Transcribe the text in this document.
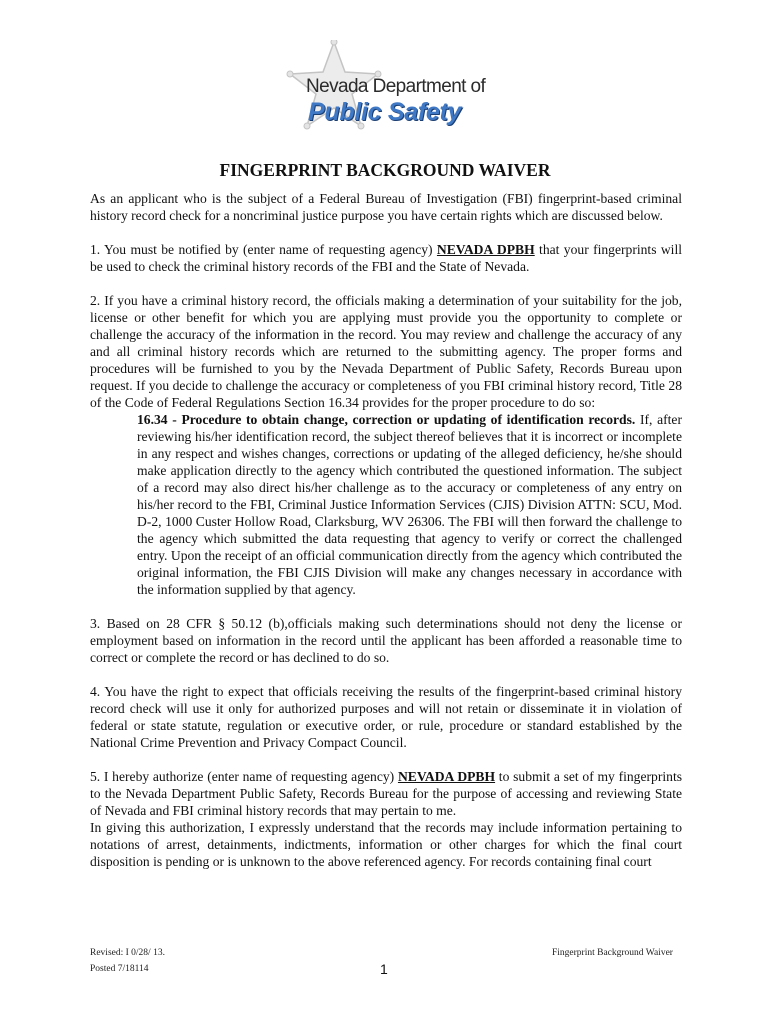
Nevada Department of
Public Safety
FINGERPRINT BACKGROUND WAIVER

As an applicant who is the subject of a Federal Bureau of Investigation (FBI) fingerprint-based criminal history record check for a noncriminal justice purpose you have certain rights which are discussed below.

1. You must be notified by (enter name of requesting agency) NEVADA DPBH that your fingerprints will be used to check the criminal history records of the FBI and the State of Nevada.

2. If you have a criminal history record, the officials making a determination of your suitability for the job, license or other benefit for which you are applying must provide you the opportunity to complete or challenge the accuracy of the information in the record. You may review and challenge the accuracy of any and all criminal history records which are returned to the submitting agency. The proper forms and procedures will be furnished to you by the Nevada Department of Public Safety, Records Bureau upon request. If you decide to challenge the accuracy or completeness of you FBI criminal history record, Title 28 of the Code of Federal Regulations Section 16.34 provides for the proper procedure to do so:

16.34 - Procedure to obtain change, correction or updating of identification records. If, after reviewing his/her identification record, the subject thereof believes that it is incorrect or incomplete in any respect and wishes changes, corrections or updating of the alleged deficiency, he/she should make application directly to the agency which contributed the questioned information. The subject of a record may also direct his/her challenge as to the accuracy or completeness of any entry on his/her record to the FBI, Criminal Justice Information Services (CJIS) Division ATTN: SCU, Mod. D-2, 1000 Custer Hollow Road, Clarksburg, WV 26306. The FBI will then forward the challenge to the agency which submitted the data requesting that agency to verify or correct the challenged entry. Upon the receipt of an official communication directly from the agency which contributed the original information, the FBI CJIS Division will make any changes necessary in accordance with the information supplied by that agency.

3. Based on 28 CFR § 50.12 (b),officials making such determinations should not deny the license or employment based on information in the record until the applicant has been afforded a reasonable time to correct or complete the record or has declined to do so.

4. You have the right to expect that officials receiving the results of the fingerprint-based criminal history record check will use it only for authorized purposes and will not retain or disseminate it in violation of federal or state statute, regulation or executive order, or rule, procedure or standard established by the National Crime Prevention and Privacy Compact Council.

5. I hereby authorize (enter name of requesting agency) NEVADA DPBH to submit a set of my fingerprints to the Nevada Department Public Safety, Records Bureau for the purpose of accessing and reviewing State of Nevada and FBI criminal history records that may pertain to me.

In giving this authorization, I expressly understand that the records may include information pertaining to notations of arrest, detainments, indictments, information or other charges for which the final court disposition is pending or is unknown to the above referenced agency. For records containing final court

Revised: I 0/28/ 13.
Posted 7/18114	1
Fingerprint Background Waiver
